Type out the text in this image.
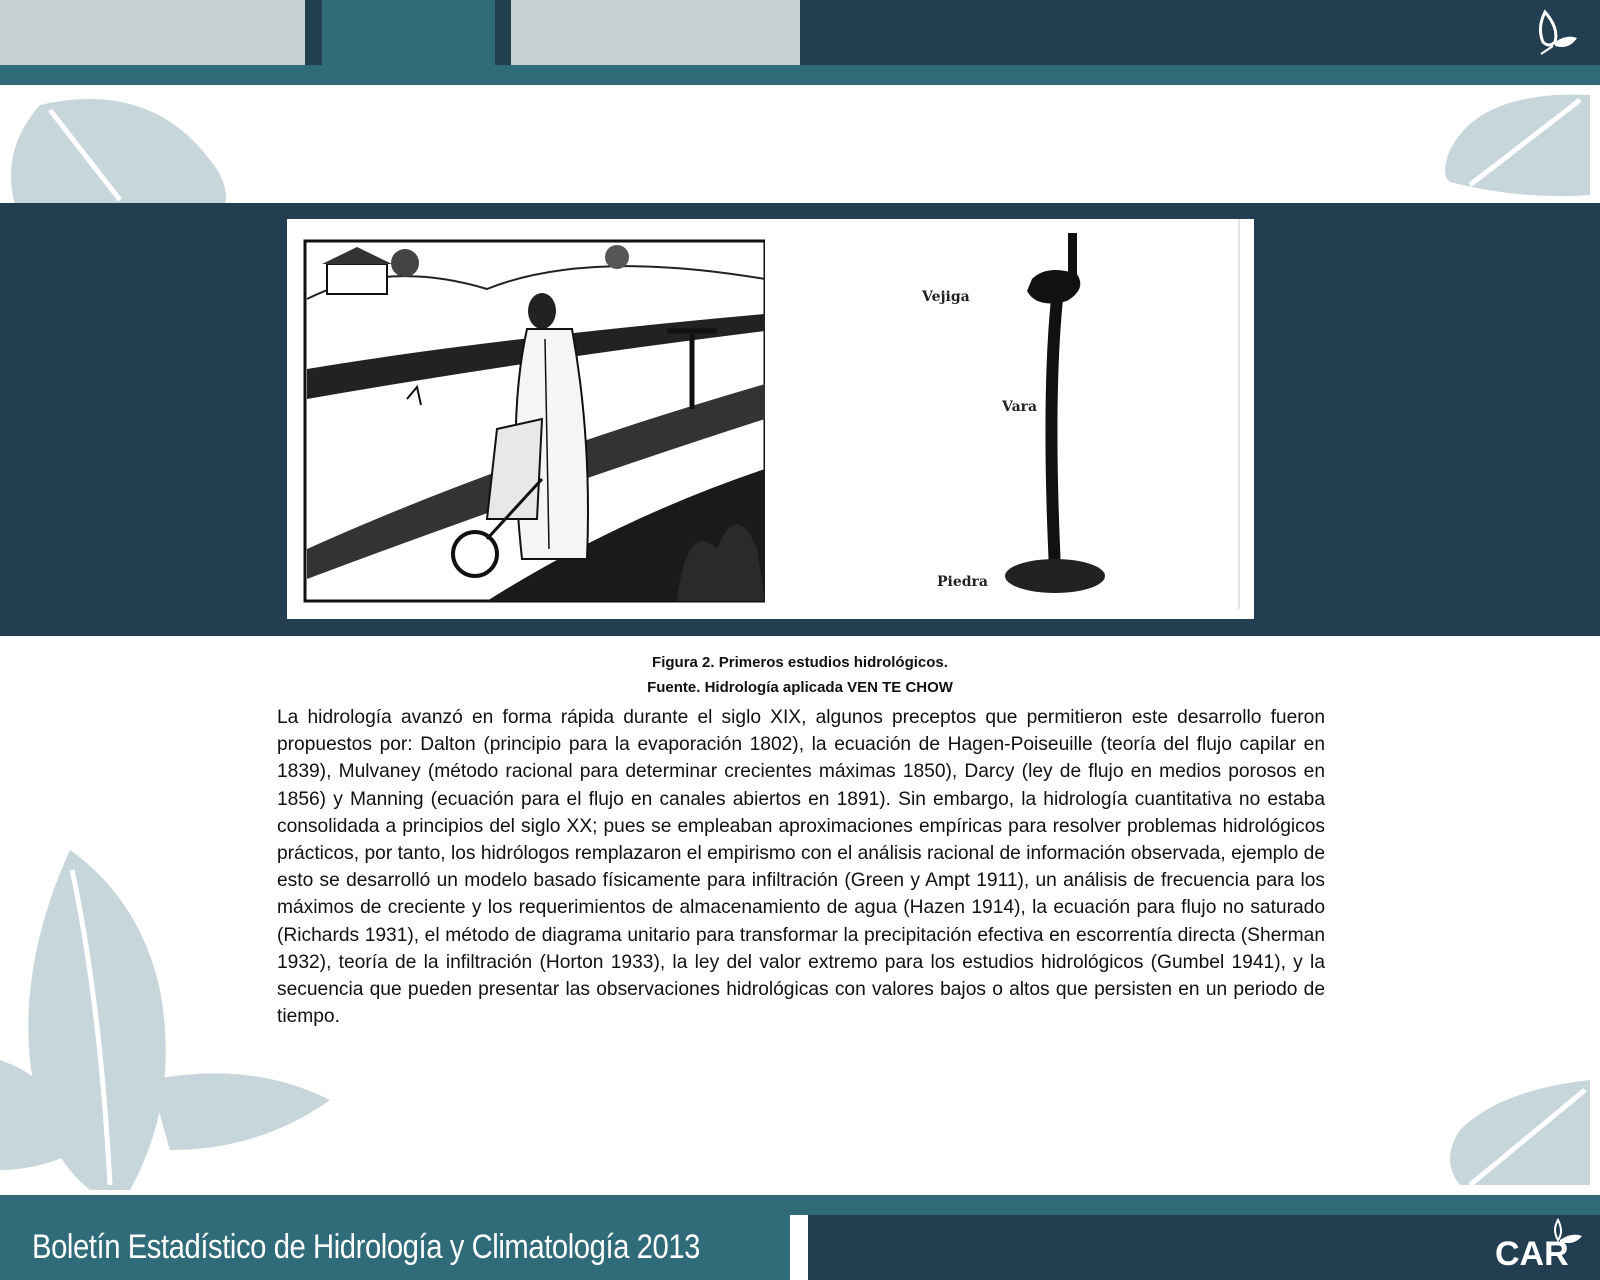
Vejiga
Vara
Piedra
Figura 2. Primeros estudios hidrológicos.
Fuente. Hidrología aplicada VEN TE CHOW

La hidrología avanzó en forma rápida durante el siglo XIX, algunos preceptos que permitieron este desarrollo fueron propuestos por: Dalton (principio para la evaporación 1802), la ecuación de Hagen-Poiseuille (teoría del flujo capilar en 1839), Mulvaney (método racional para determinar crecientes máximas 1850), Darcy (ley de flujo en medios porosos en 1856) y Manning (ecuación para el flujo en canales abiertos en 1891). Sin embargo, la hidrología cuantitativa no estaba consolidada a principios del siglo XX; pues se empleaban aproximaciones empíricas para resolver problemas hidrológicos prácticos, por tanto, los hidrólogos remplazaron el empirismo con el análisis racional de información observada, ejemplo de esto se desarrolló un modelo basado físicamente para infiltración (Green y Ampt 1911), un análisis de frecuencia para los máximos de creciente y los requerimientos de almacenamiento de agua (Hazen 1914), la ecuación para flujo no saturado (Richards 1931), el método de diagrama unitario para transformar la precipitación efectiva en escorrentía directa (Sherman 1932), teoría de la infiltración (Horton 1933), la ley del valor extremo para los estudios hidrológicos (Gumbel 1941), y la secuencia que pueden presentar las observaciones hidrológicas con valores bajos o altos que persisten en un periodo de tiempo.

Boletín Estadístico de Hidrología y Climatología 2013	CAR
